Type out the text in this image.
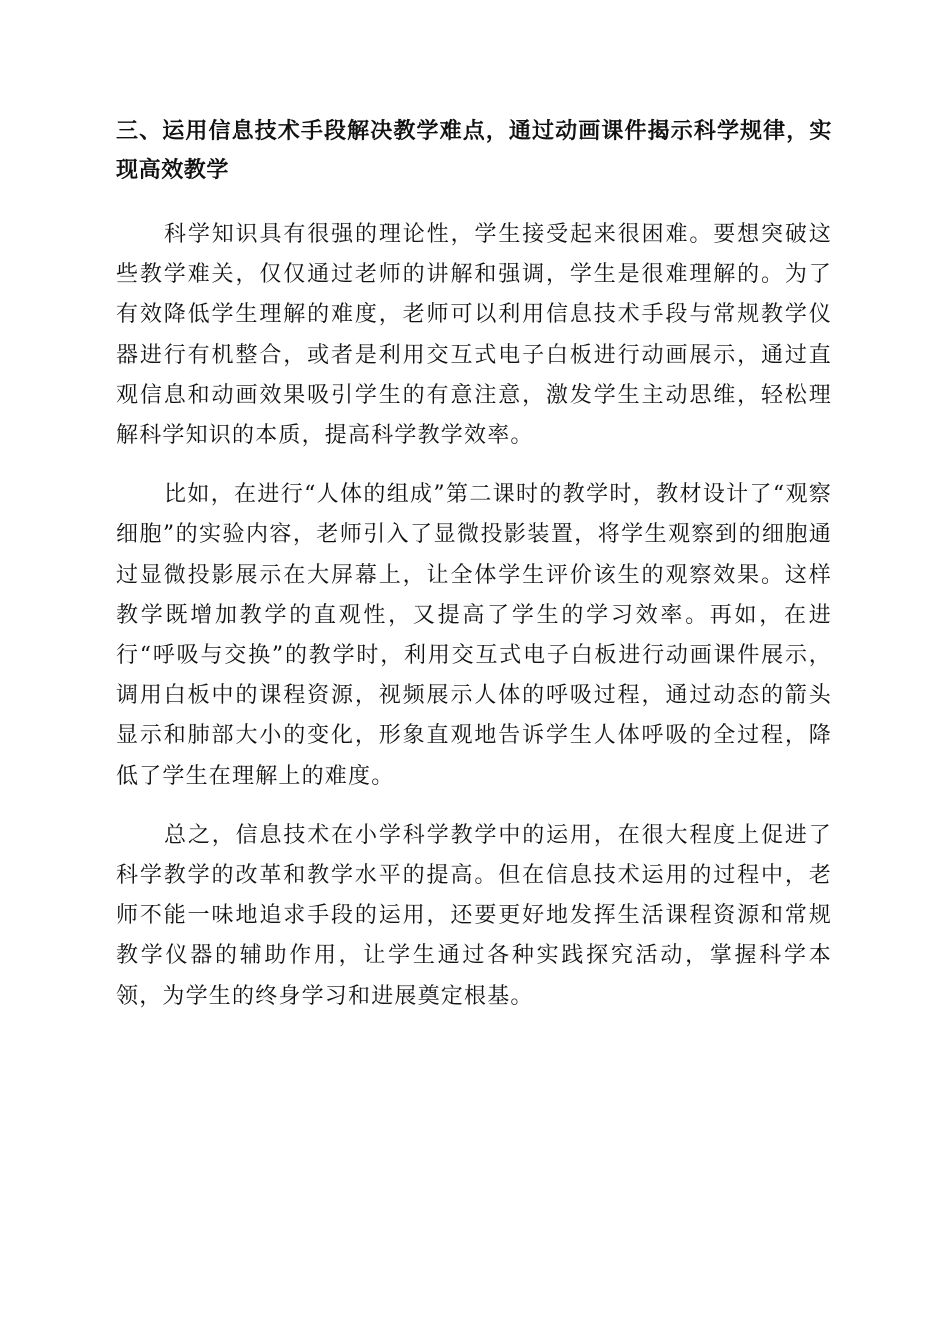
三、运用信息技术手段解决教学难点，通过动画课件揭示科学规律，实现高效教学

科学知识具有很强的理论性，学生接受起来很困难。要想突破这些教学难关，仅仅通过老师的讲解和强调，学生是很难理解的。为了有效降低学生理解的难度，老师可以利用信息技术手段与常规教学仪器进行有机整合，或者是利用交互式电子白板进行动画展示，通过直观信息和动画效果吸引学生的有意注意，激发学生主动思维，轻松理解科学知识的本质，提高科学教学效率。

比如，在进行“人体的组成”第二课时的教学时，教材设计了“观察细胞”的实验内容，老师引入了显微投影装置，将学生观察到的细胞通过显微投影展示在大屏幕上，让全体学生评价该生的观察效果。这样教学既增加教学的直观性，又提高了学生的学习效率。再如，在进行“呼吸与交换”的教学时，利用交互式电子白板进行动画课件展示，调用白板中的课程资源，视频展示人体的呼吸过程，通过动态的箭头显示和肺部大小的变化，形象直观地告诉学生人体呼吸的全过程，降低了学生在理解上的难度。

总之，信息技术在小学科学教学中的运用，在很大程度上促进了科学教学的改革和教学水平的提高。但在信息技术运用的过程中，老师不能一味地追求手段的运用，还要更好地发挥生活课程资源和常规教学仪器的辅助作用，让学生通过各种实践探究活动，掌握科学本领，为学生的终身学习和进展奠定根基。
